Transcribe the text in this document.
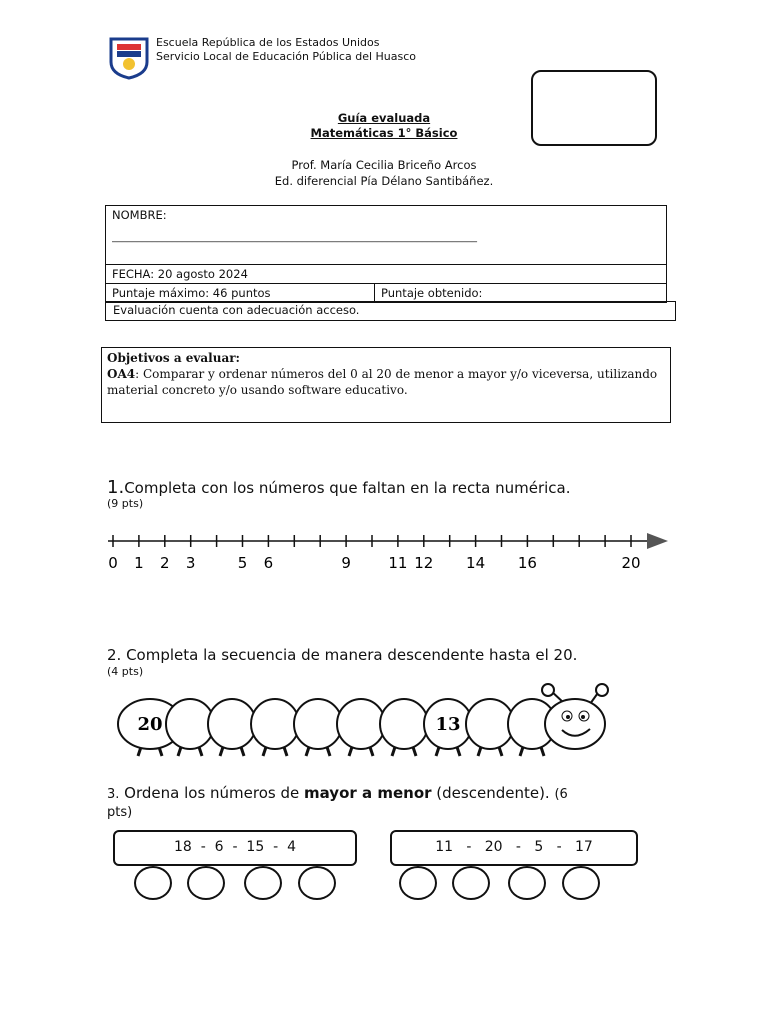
Escuela República de los Estados Unidos
Servicio Local de Educación Pública del Huasco
Guía evaluada
Matemáticas 1° Básico
Prof. María Cecilia Briceño Arcos
Ed. diferencial Pía Délano Santibáñez.
NOMBRE:
_________________________________________________________________________

FECHA: 20 agosto 2024
Puntaje máximo: 46 puntos	Puntaje obtenido:
Evaluación cuenta con adecuación acceso.
Objetivos a evaluar:
OA4: Comparar y ordenar números del 0 al 20 de menor a mayor y/o viceversa, utilizando material concreto y/o usando software educativo.
1.Completa con los números que faltan en la recta numérica.
(9 pts)
0 1 2 3	5 6	9 11 12 14 16	20
2. Completa la secuencia de manera descendente hasta el 20.
(4 pts)
20	13
3. Ordena los números de mayor a menor (descendente). (6
pts)
18  -  6  -  15  -  4	11   -   20   -   5   -   17
